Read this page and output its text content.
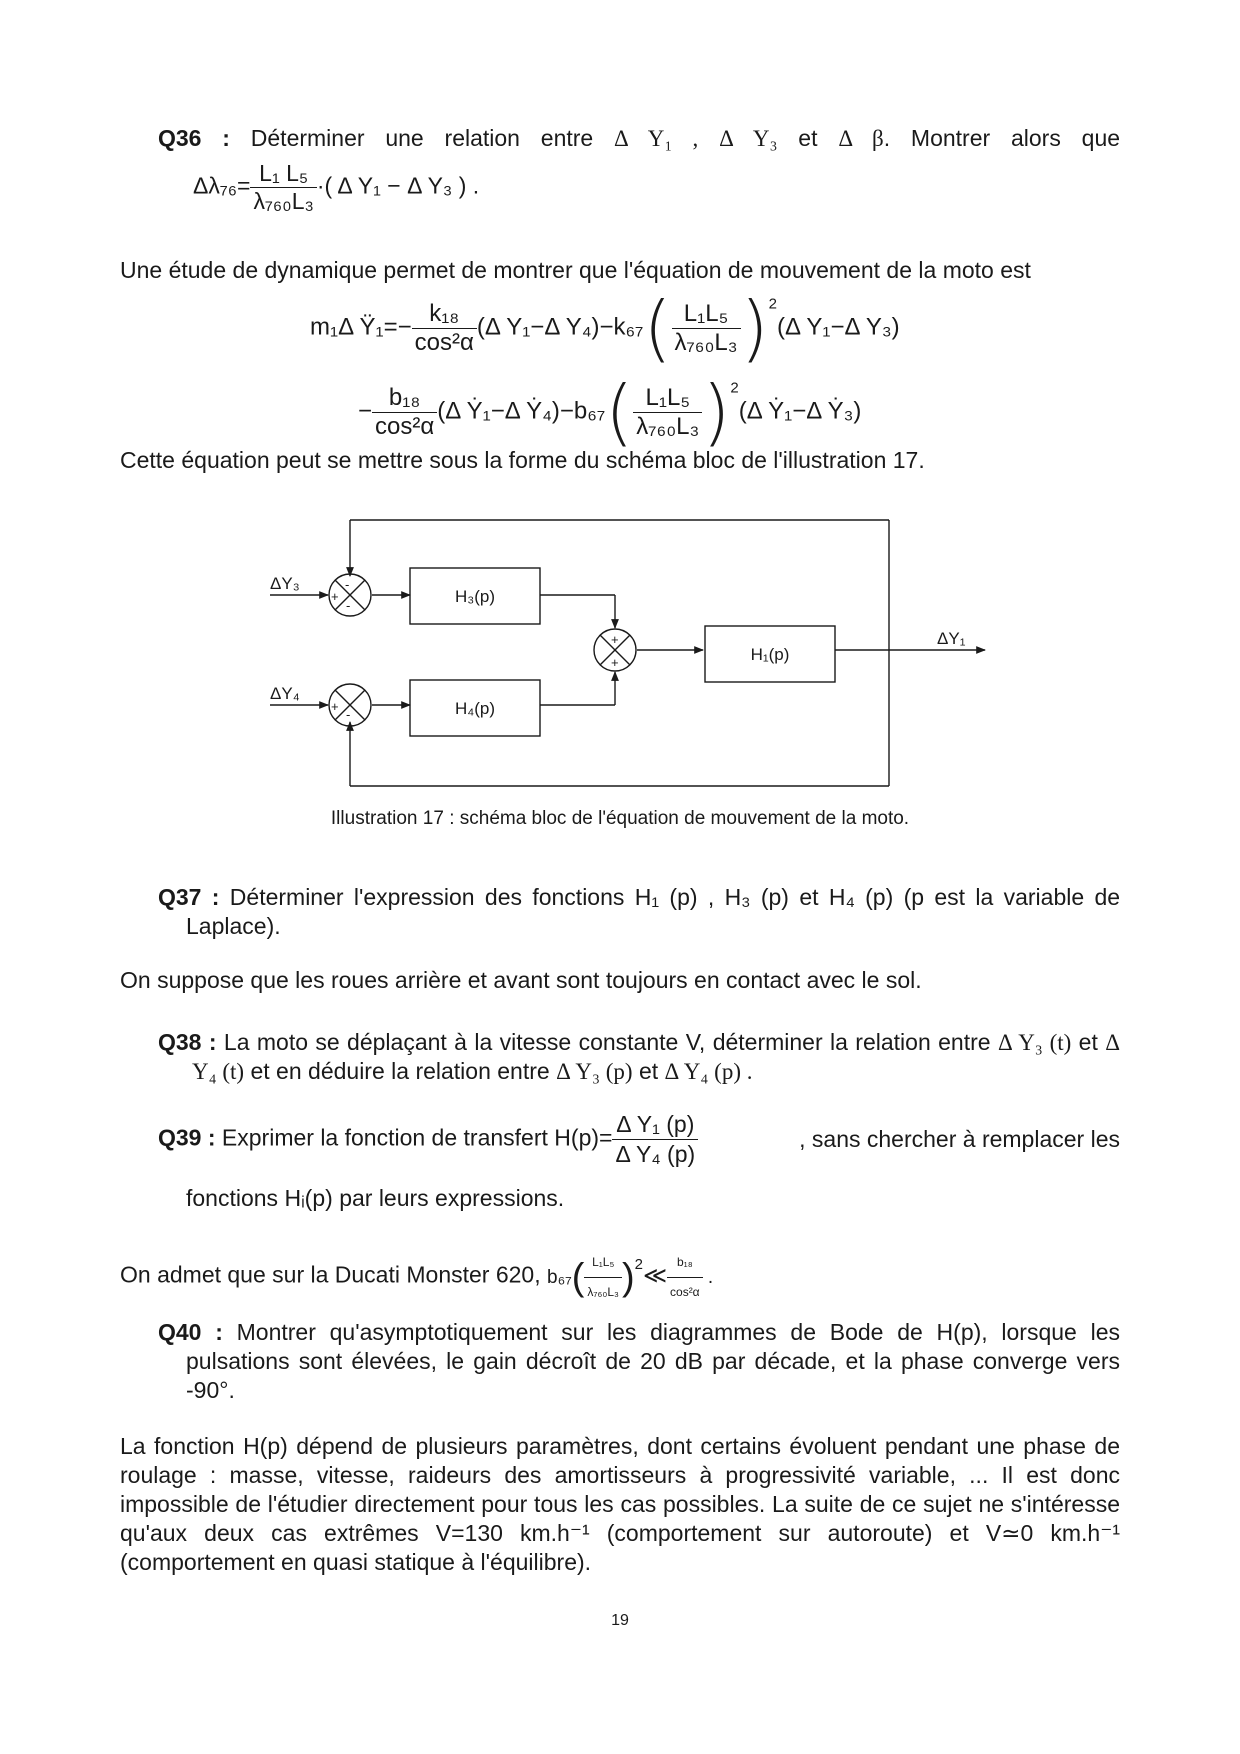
Q36 : Déterminer une relation entre Δ Y₁ , Δ Y₃ et Δ β. Montrer alors que
$\Delta\lambda_{76}= \frac{\text{L₁ L₅}}{\text{λ₇₆₀L₃}}$ ·( Δ Y₁ − Δ Y₃ ) .
Une étude de dynamique permet de montrer que l'équation de mouvement de la moto est
m₁Δ Ÿ₁=− $\frac{\text{k₁₈}}{\text{cos²α}} (\Delta$ Y₁−Δ $Y_4)-k_{67}( \frac{\text{L₁L₅}}{\text{λ₇₆₀L₃}} )^2(\Delta$ Y₁−Δ Y₃)
− $\frac{\text{b₁₈}}{\text{cos²α}} (\Delta$ Ẏ₁−Δ Ẏ₄)−b₆₇( $\frac{\text{L₁L₅}}{\text{λ₇₆₀L₃}} )^2(\Delta$ Ẏ₁−Δ Ẏ₃)
Cette équation peut se mettre sous la forme du schéma bloc de l'illustration 17.
ΔY₃
ΔY₄
ΔY₁
H₃(p)
H₄(p)
H₁(p)
+
-
-
+
-
+
+
Illustration 17 : schéma bloc de l'équation de mouvement de la moto.
Q37 : Déterminer l'expression des fonctions H₁ (p) , H₃ (p) et H₄ (p) (p est la variable de Laplace).
On suppose que les roues arrière et avant sont toujours en contact avec le sol.
Q38 : La moto se déplaçant à la vitesse constante V, déterminer la relation entre Δ Y₃ (t) et Δ Y₄ (t) et en déduire la relation entre Δ Y₃ (p) et Δ Y₄ (p) .
Q39 : Exprimer la fonction de transfert $H(p)= \frac{\text{Δ Y₁ (p)}}{\text{Δ Y₄ (p)}}$	, sans chercher à remplacer les
fonctions Hᵢ(p) par leurs expressions.
On admet que sur la Ducati Monster 620, $b_{67}( \frac{\text{L₁L₅}}{\text{λ₇₆₀L₃}}$ )$^2≪ \frac{\text{b₁₈}}{\text{cos²α}}$ .
Q40 : Montrer qu'asymptotiquement sur les diagrammes de Bode de H(p), lorsque les pulsations sont élevées, le gain décroît de 20 dB par décade, et la phase converge vers -90°.
La fonction H(p) dépend de plusieurs paramètres, dont certains évoluent pendant une phase de roulage : masse, vitesse, raideurs des amortisseurs à progressivité variable, ... Il est donc impossible de l'étudier directement pour tous les cas possibles. La suite de ce sujet ne s'intéresse qu'aux deux cas extrêmes V=130 km.h⁻¹ (comportement sur autoroute) et V≃0 km.h⁻¹ (comportement en quasi statique à l'équilibre).
19
